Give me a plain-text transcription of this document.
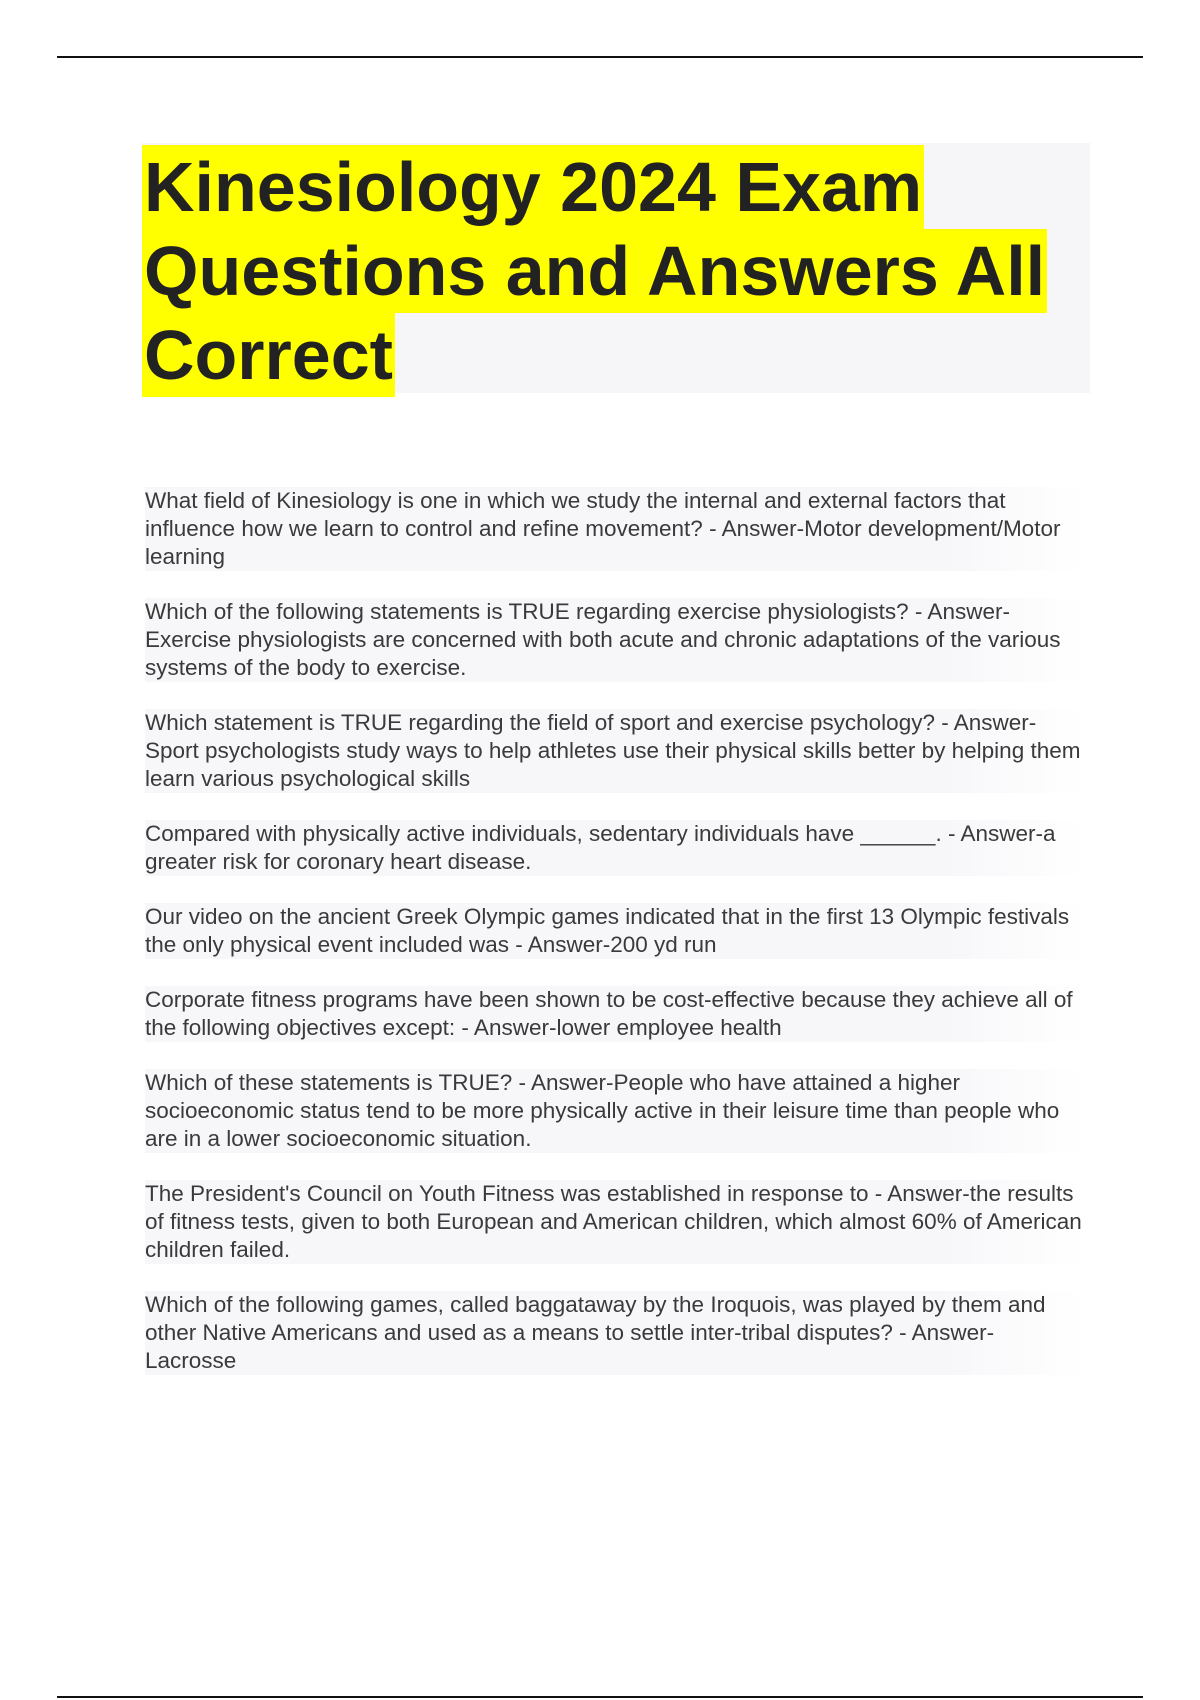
Kinesiology 2024 Exam
Questions and Answers All
Correct

What field of Kinesiology is one in which we study the internal and external factors that influence how we learn to control and refine movement? - Answer-Motor development/Motor learning

Which of the following statements is TRUE regarding exercise physiologists? - Answer-Exercise physiologists are concerned with both acute and chronic adaptations of the various systems of the body to exercise.

Which statement is TRUE regarding the field of sport and exercise psychology? - Answer-Sport psychologists study ways to help athletes use their physical skills better by helping them learn various psychological skills

Compared with physically active individuals, sedentary individuals have ______. - Answer-a greater risk for coronary heart disease.

Our video on the ancient Greek Olympic games indicated that in the first 13 Olympic festivals the only physical event included was - Answer-200 yd run

Corporate fitness programs have been shown to be cost-effective because they achieve all of the following objectives except: - Answer-lower employee health

Which of these statements is TRUE? - Answer-People who have attained a higher socioeconomic status tend to be more physically active in their leisure time than people who are in a lower socioeconomic situation.

The President's Council on Youth Fitness was established in response to - Answer-the results of fitness tests, given to both European and American children, which almost 60% of American children failed.

Which of the following games, called baggataway by the Iroquois, was played by them and other Native Americans and used as a means to settle inter-tribal disputes? - Answer-Lacrosse
